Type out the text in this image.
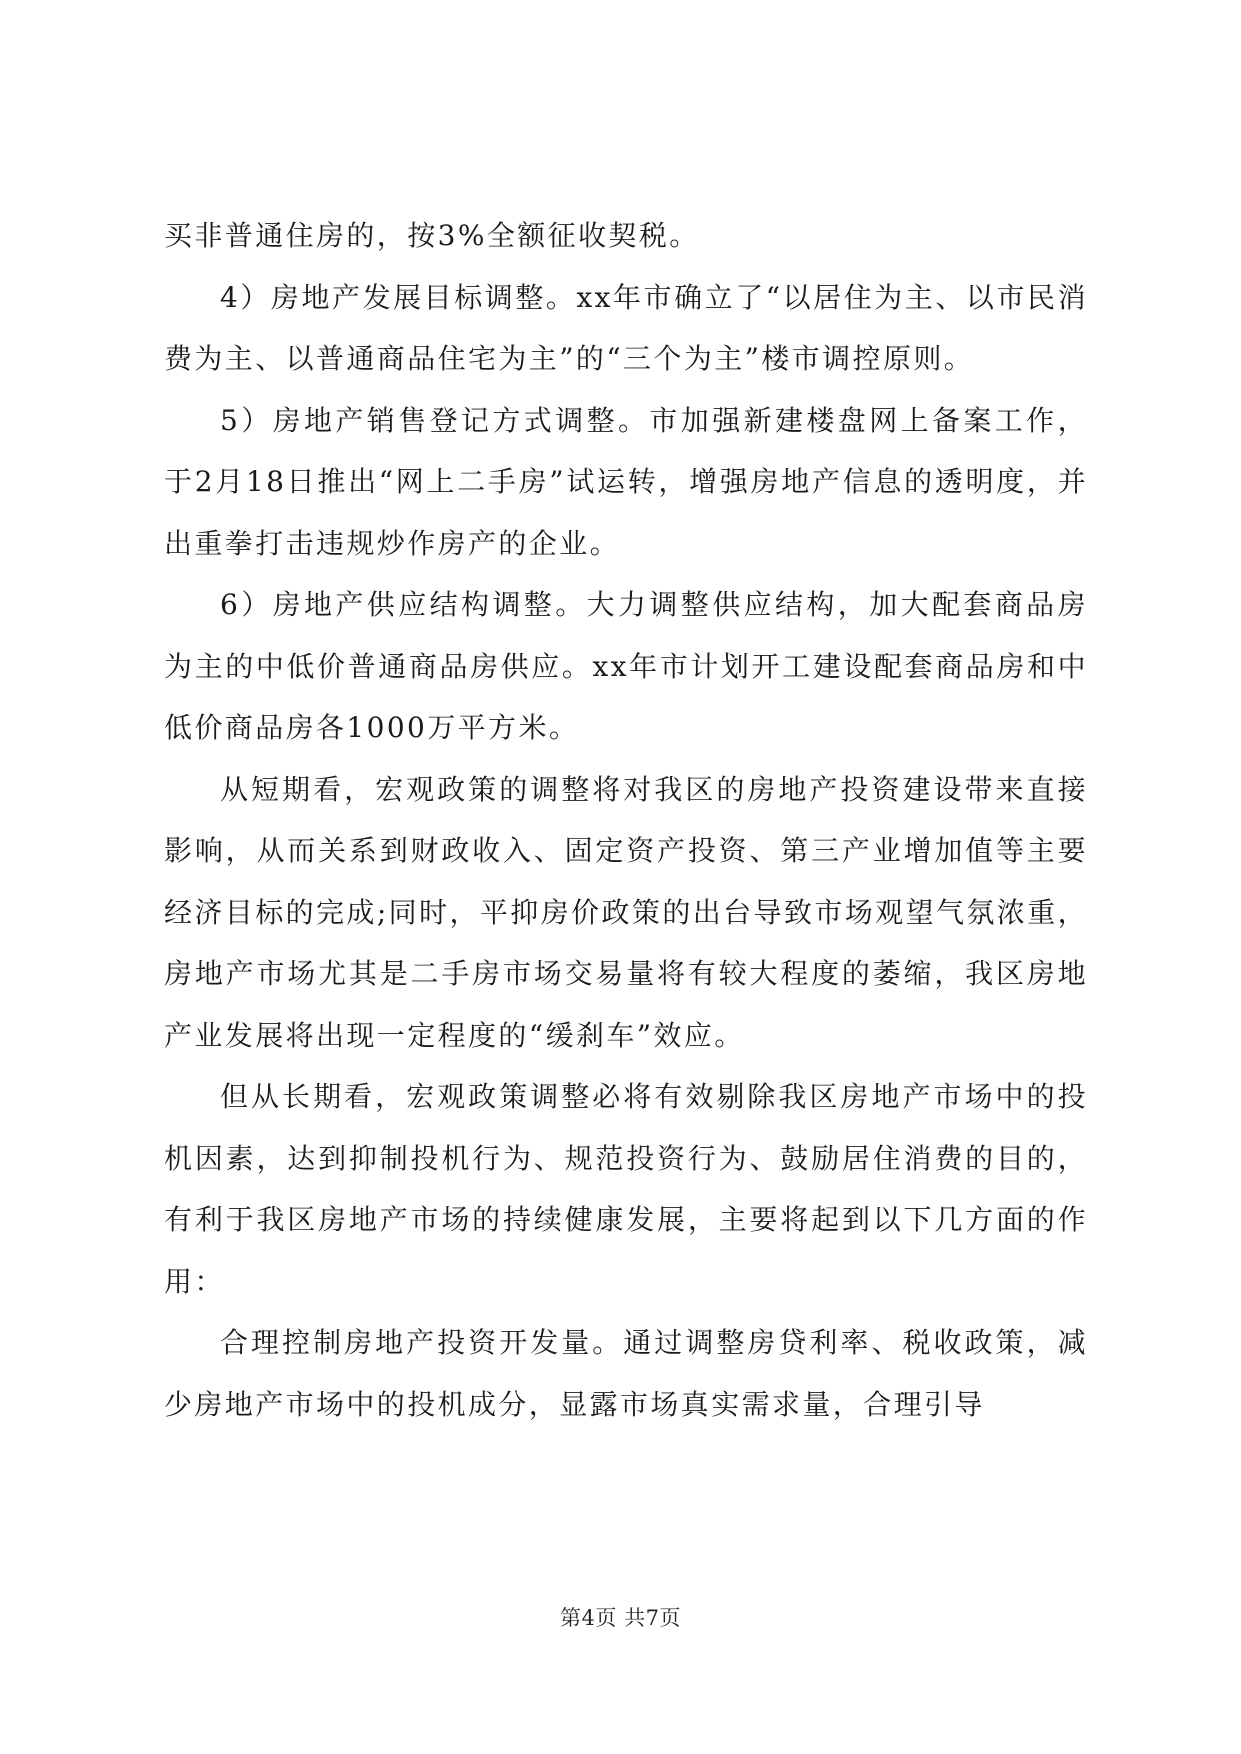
买非普通住房的，按3%全额征收契税。

4）房地产发展目标调整。xx年市确立了“以居住为主、以市民消费为主、以普通商品住宅为主”的“三个为主”楼市调控原则。

5）房地产销售登记方式调整。市加强新建楼盘网上备案工作，于2月18日推出“网上二手房”试运转，增强房地产信息的透明度，并出重拳打击违规炒作房产的企业。

6）房地产供应结构调整。大力调整供应结构，加大配套商品房为主的中低价普通商品房供应。xx年市计划开工建设配套商品房和中低价商品房各1000万平方米。

从短期看，宏观政策的调整将对我区的房地产投资建设带来直接影响，从而关系到财政收入、固定资产投资、第三产业增加值等主要经济目标的完成;同时，平抑房价政策的出台导致市场观望气氛浓重，房地产市场尤其是二手房市场交易量将有较大程度的萎缩，我区房地产业发展将出现一定程度的“缓刹车”效应。

但从长期看，宏观政策调整必将有效剔除我区房地产市场中的投机因素，达到抑制投机行为、规范投资行为、鼓励居住消费的目的，有利于我区房地产市场的持续健康发展，主要将起到以下几方面的作用：

合理控制房地产投资开发量。通过调整房贷利率、税收政策，减少房地产市场中的投机成分，显露市场真实需求量，合理引导

第4页 共7页
